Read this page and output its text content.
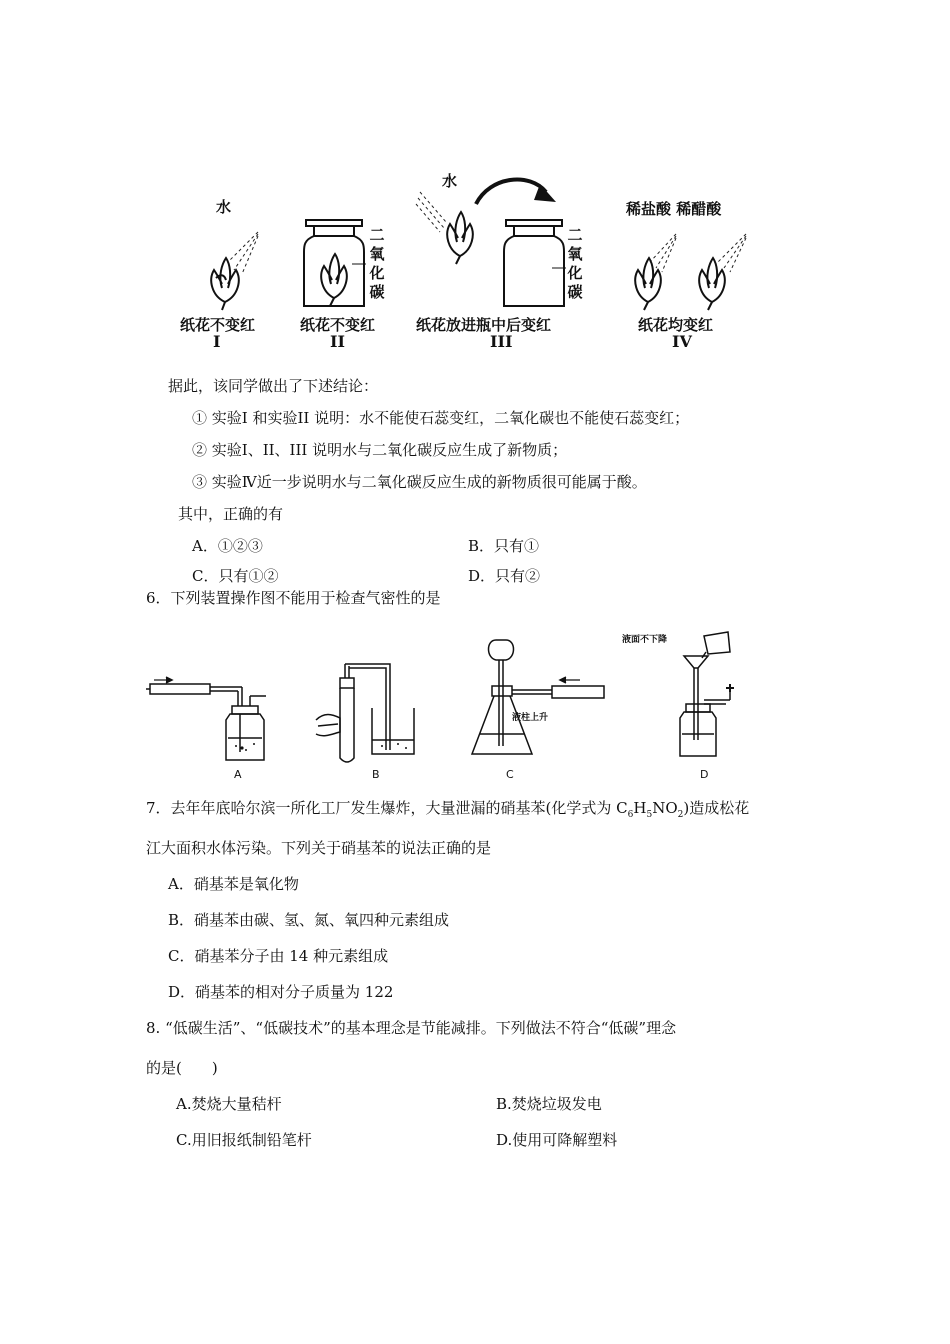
水
纸花不变红
I
二氧化碳
纸花不变红
II
水
二氧化碳
纸花放进瓶中后变红
III
稀盐酸 稀醋酸
纸花均变红
IV
据此，该同学做出了下述结论：
① 实验Ⅰ 和实验ⅠI 说明：水不能使石蕊变红，二氧化碳也不能使石蕊变红；
② 实验Ⅰ、II、III 说明水与二氧化碳反应生成了新物质；
③ 实验Ⅳ近一步说明水与二氧化碳反应生成的新物质很可能属于酸。
其中，正确的有
A．①②③	B．只有①
C．只有①②	D．只有②
6．下列装置操作图不能用于检查气密性的是
A	B
液柱上升
C
液面不下降
D
7．去年年底哈尔滨一所化工厂发生爆炸，大量泄漏的硝基苯(化学式为 $C_6H_5NO_2$)造成松花
江大面积水体污染。下列关于硝基苯的说法正确的是
A．硝基苯是氧化物
B．硝基苯由碳、氢、氮、氧四种元素组成
C．硝基苯分子由 14 种元素组成
D．硝基苯的相对分子质量为 122
8. “低碳生活”、“低碳技术”的基本理念是节能减排。下列做法不符合“低碳”理念
的是(　　)
A.焚烧大量秸杆	B.焚烧垃圾发电
C.用旧报纸制铅笔杆	D.使用可降解塑料
